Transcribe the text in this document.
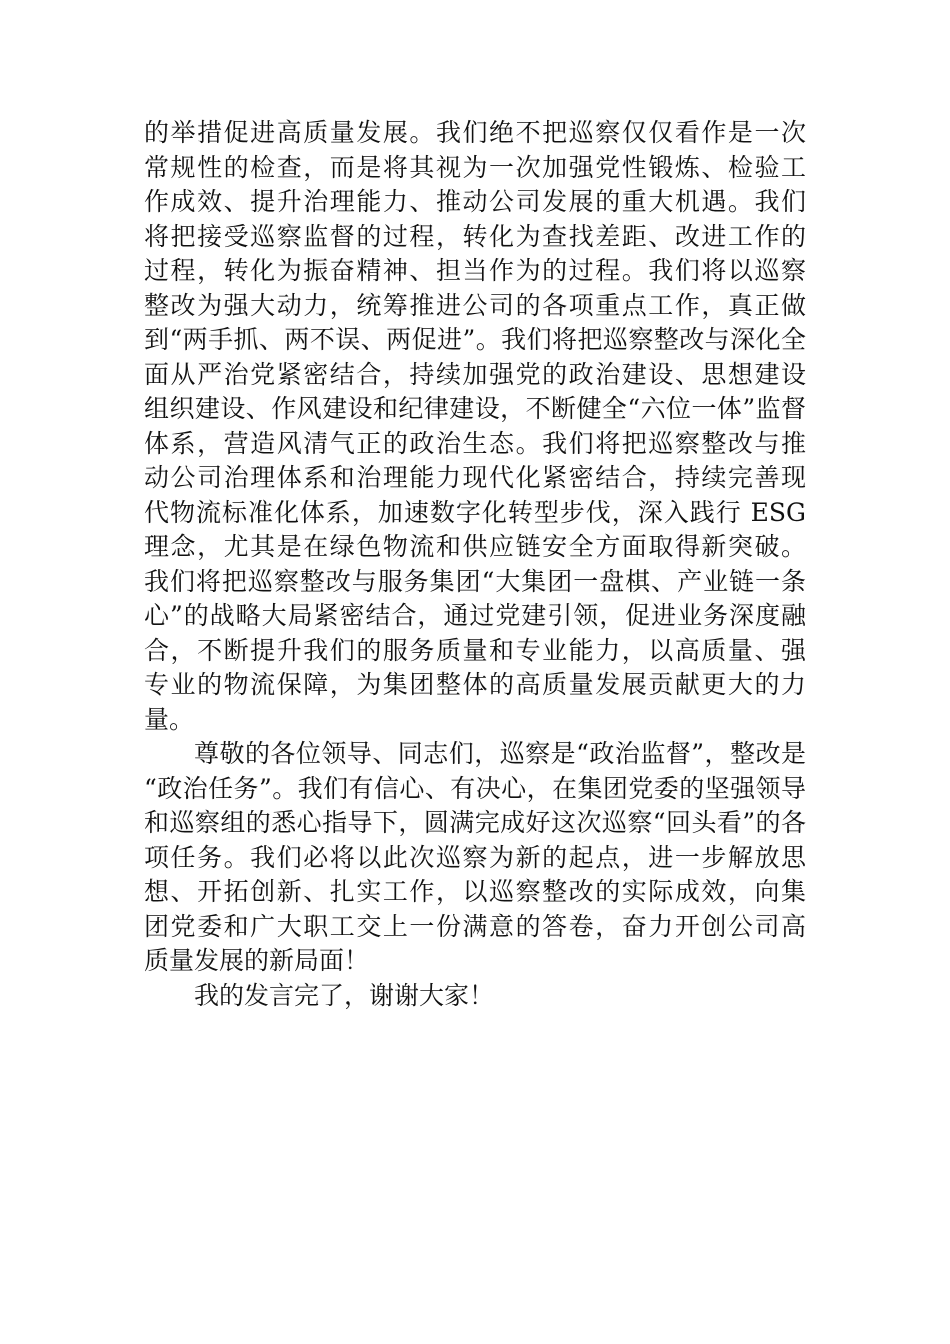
的举措促进高质量发展。我们绝不把巡察仅仅看作是一次
常规性的检查，而是将其视为一次加强党性锻炼、检验工
作成效、提升治理能力、推动公司发展的重大机遇。我们
将把接受巡察监督的过程，转化为查找差距、改进工作的
过程，转化为振奋精神、担当作为的过程。我们将以巡察
整改为强大动力，统筹推进公司的各项重点工作，真正做
到“两手抓、两不误、两促进”。我们将把巡察整改与深化全
面从严治党紧密结合，持续加强党的政治建设、思想建设
组织建设、作风建设和纪律建设，不断健全“六位一体”监督
体系，营造风清气正的政治生态。我们将把巡察整改与推
动公司治理体系和治理能力现代化紧密结合，持续完善现
代物流标准化体系，加速数字化转型步伐，深入践行 ESG
理念，尤其是在绿色物流和供应链安全方面取得新突破。
我们将把巡察整改与服务集团“大集团一盘棋、产业链一条
心”的战略大局紧密结合，通过党建引领，促进业务深度融
合，不断提升我们的服务质量和专业能力，以高质量、强
专业的物流保障，为集团整体的高质量发展贡献更大的力
量。
尊敬的各位领导、同志们，巡察是“政治监督”，整改是
“政治任务”。我们有信心、有决心，在集团党委的坚强领导
和巡察组的悉心指导下，圆满完成好这次巡察“回头看”的各
项任务。我们必将以此次巡察为新的起点，进一步解放思
想、开拓创新、扎实工作，以巡察整改的实际成效，向集
团党委和广大职工交上一份满意的答卷，奋力开创公司高
质量发展的新局面！
我的发言完了，谢谢大家！
